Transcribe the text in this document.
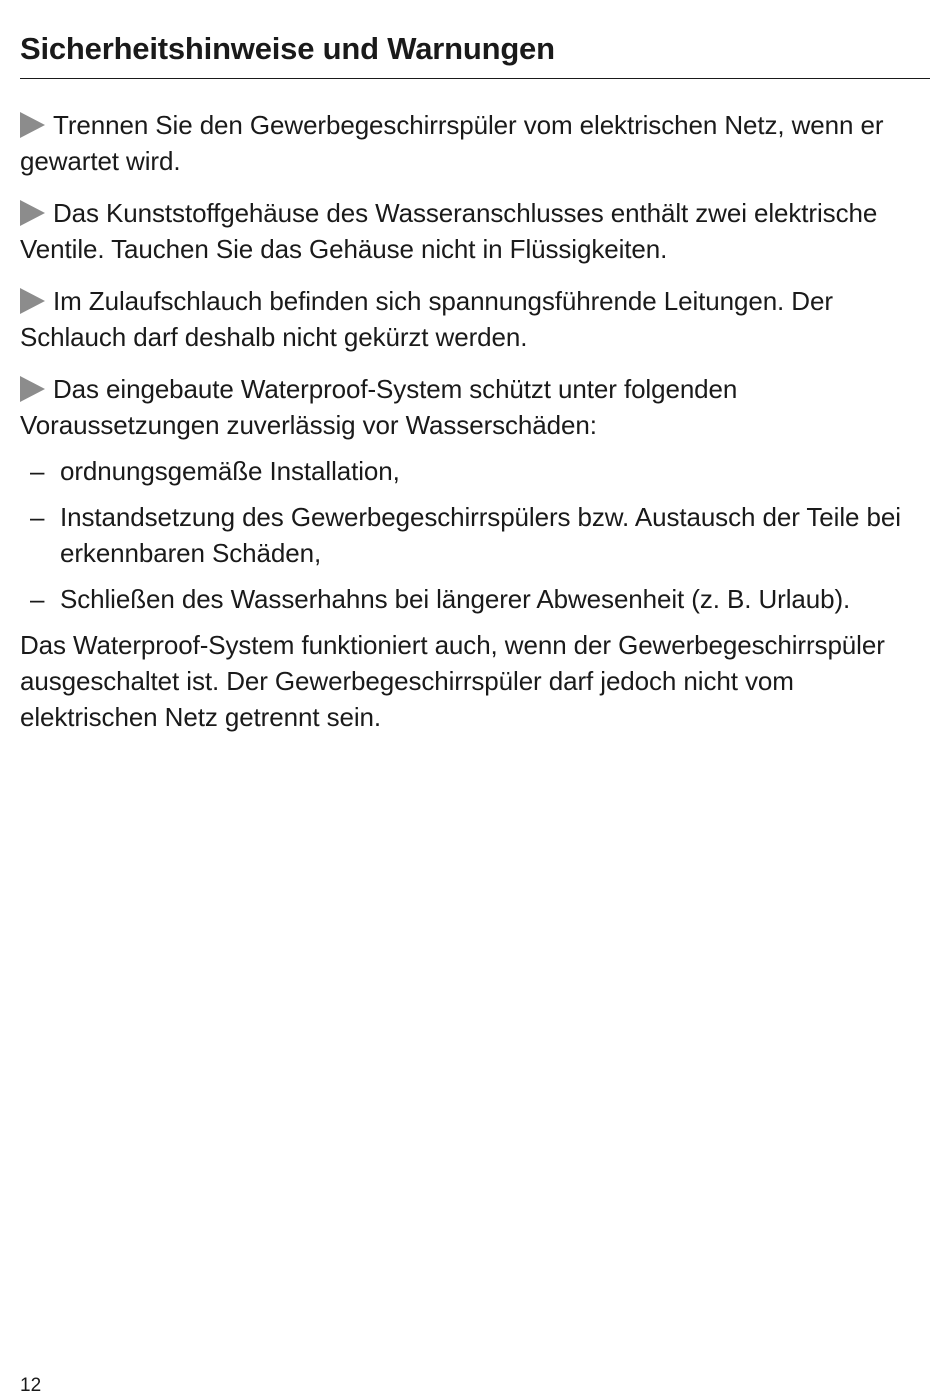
Sicherheitshinweise und Warnungen

Trennen Sie den Gewerbegeschirrspüler vom elektrischen Netz, wenn er gewartet wird.

Das Kunststoffgehäuse des Wasseranschlusses enthält zwei elektrische Ventile. Tauchen Sie das Gehäuse nicht in Flüssigkeiten.

Im Zulaufschlauch befinden sich spannungsführende Leitungen. Der Schlauch darf deshalb nicht gekürzt werden.

Das eingebaute Waterproof-System schützt unter folgenden Voraussetzungen zuverlässig vor Wasserschäden:

– ordnungsgemäße Installation,
– Instandsetzung des Gewerbegeschirrspülers bzw. Austausch der Teile bei erkennbaren Schäden,
– Schließen des Wasserhahns bei längerer Abwesenheit (z. B. Urlaub).

Das Waterproof-System funktioniert auch, wenn der Gewerbegeschirrspüler ausgeschaltet ist. Der Gewerbegeschirrspüler darf jedoch nicht vom elektrischen Netz getrennt sein.

12
